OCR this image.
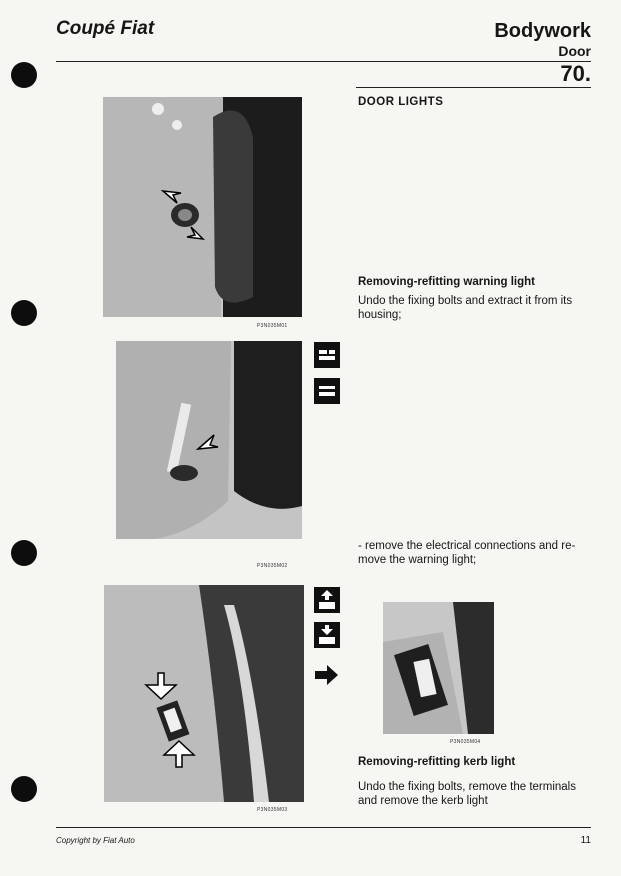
Coupé Fiat	Bodywork
Door
70.
P3N035M01
P3N035M02
DOOR LIGHTS
Removing-refitting warning light
Undo the fixing bolts and extract it from its housing;
- remove the electrical connections and re-move the warning light;
P3N035M03
P3N035M04
Removing-refitting kerb light
Undo the fixing bolts, remove the terminals and remove the kerb light
Copyright by Fiat Auto	11
